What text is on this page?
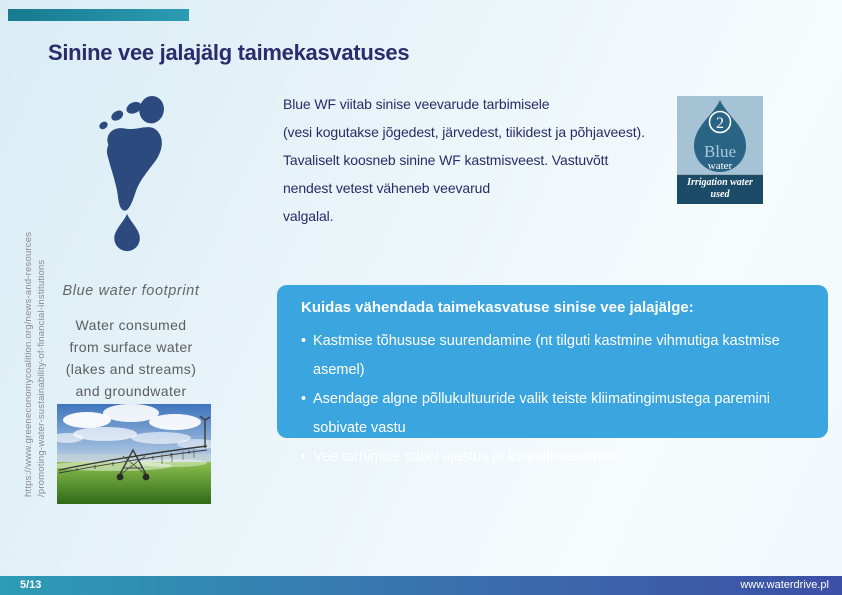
Sinine vee jalajälg taimekasvatuses
https://www.greeneconomycoalition.org/news-and-resources /promoting-water-sustainability-of-financial-institutions	Blue water footprint
Water consumed
from surface water
(lakes and streams)
and groundwater
Blue WF viitab sinise veevarude tarbimisele
(vesi kogutakse jõgedest, järvedest, tiikidest ja põhjaveest).
Tavaliselt koosneb sinine WF kastmisveest. Vastuvõtt
nendest vetest väheneb veevarud
valgalal.
2
Blue
water
Irrigation water
used
Kuidas vähendada taimekasvatuse sinise vee jalajälge:
• Kastmise tõhususe suurendamine (nt tilguti kastmine vihmutiga kastmise asemel)
• Asendage algne põllukultuuride valik teiste kliimatingimustega paremini sobivate vastu
• Vee tarnimise sobiv ajastus ja kvantifitseerimine
5/13	www.waterdrive.pl
